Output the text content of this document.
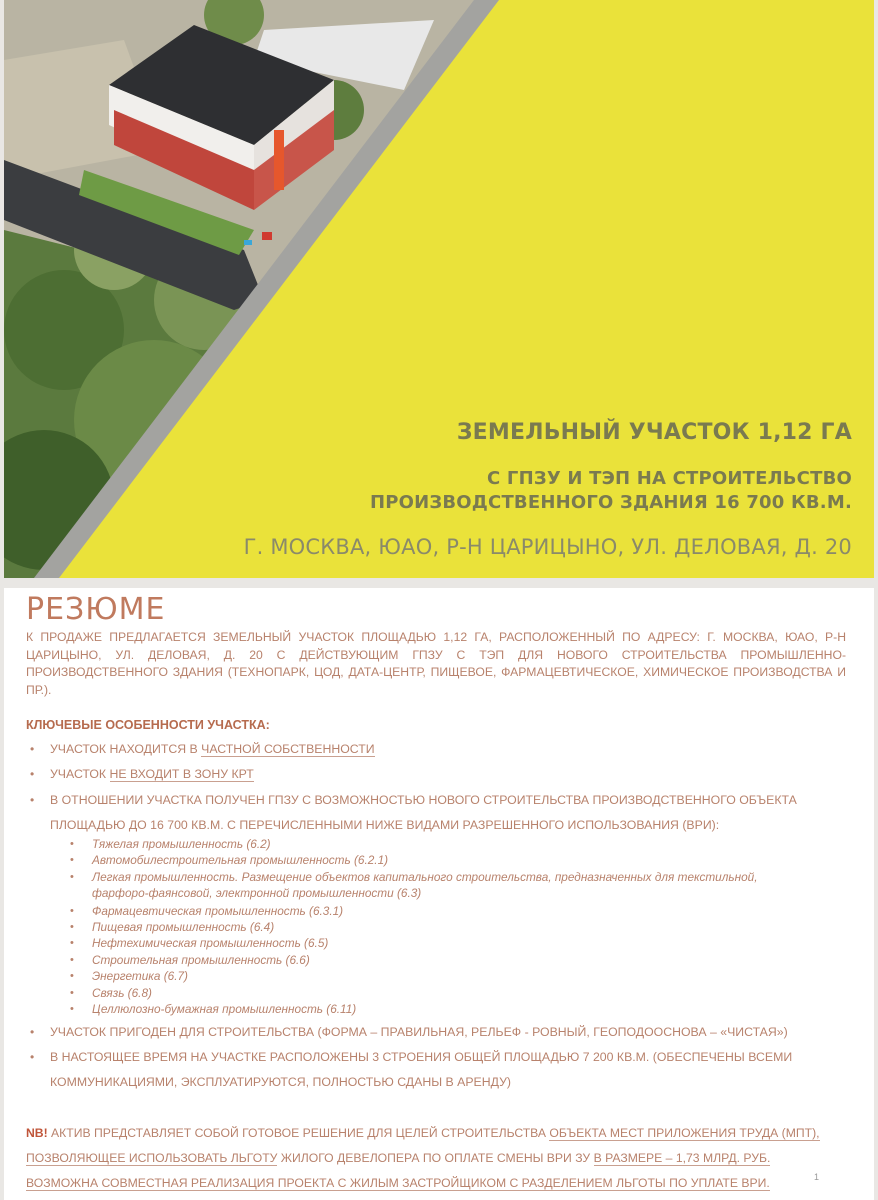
ЗЕМЕЛЬНЫЙ УЧАСТОК 1,12 ГА
С ГПЗУ И ТЭП НА СТРОИТЕЛЬСТВО
ПРОИЗВОДСТВЕННОГО ЗДАНИЯ 16 700 КВ.М.
Г. МОСКВА, ЮАО, Р-Н ЦАРИЦЫНО, УЛ. ДЕЛОВАЯ, Д. 20
РЕЗЮМЕ
К ПРОДАЖЕ ПРЕДЛАГАЕТСЯ ЗЕМЕЛЬНЫЙ УЧАСТОК ПЛОЩАДЬЮ 1,12 ГА, РАСПОЛОЖЕННЫЙ ПО АДРЕСУ: Г. МОСКВА, ЮАО, Р-Н ЦАРИЦЫНО, УЛ. ДЕЛОВАЯ, Д. 20 С ДЕЙСТВУЮЩИМ ГПЗУ С ТЭП ДЛЯ НОВОГО СТРОИТЕЛЬСТВА ПРОМЫШЛЕННО-ПРОИЗВОДСТВЕННОГО ЗДАНИЯ (ТЕХНОПАРК, ЦОД, ДАТА-ЦЕНТР, ПИЩЕВОЕ, ФАРМАЦЕВТИЧЕСКОЕ, ХИМИЧЕСКОЕ ПРОИЗВОДСТВА И ПР.).
КЛЮЧЕВЫЕ ОСОБЕННОСТИ УЧАСТКА:
• УЧАСТОК НАХОДИТСЯ В ЧАСТНОЙ СОБСТВЕННОСТИ
• УЧАСТОК НЕ ВХОДИТ В ЗОНУ КРТ
• В ОТНОШЕНИИ УЧАСТКА ПОЛУЧЕН ГПЗУ С ВОЗМОЖНОСТЬЮ НОВОГО СТРОИТЕЛЬСТВА ПРОИЗВОДСТВЕННОГО ОБЪЕКТА
ПЛОЩАДЬЮ ДО 16 700 КВ.М. С ПЕРЕЧИСЛЕННЫМИ НИЖЕ ВИДАМИ РАЗРЕШЕННОГО ИСПОЛЬЗОВАНИЯ (ВРИ):
• Тяжелая промышленность (6.2)
• Автомобилестроительная промышленность (6.2.1)
• Легкая промышленность. Размещение объектов капитального строительства, предназначенных для текстильной,
фарфоро-фаянсовой, электронной промышленности (6.3)
• Фармацевтическая промышленность (6.3.1)
• Пищевая промышленность (6.4)
• Нефтехимическая промышленность (6.5)
• Строительная промышленность (6.6)
• Энергетика (6.7)
• Связь (6.8)
• Целлюлозно-бумажная промышленность (6.11)
• УЧАСТОК ПРИГОДЕН ДЛЯ СТРОИТЕЛЬСТВА (ФОРМА – ПРАВИЛЬНАЯ, РЕЛЬЕФ - РОВНЫЙ, ГЕОПОДООСНОВА – «ЧИСТАЯ»)
• В НАСТОЯЩЕЕ ВРЕМЯ НА УЧАСТКЕ РАСПОЛОЖЕНЫ 3 СТРОЕНИЯ ОБЩЕЙ ПЛОЩАДЬЮ 7 200 КВ.М. (ОБЕСПЕЧЕНЫ ВСЕМИ
КОММУНИКАЦИЯМИ, ЭКСПЛУАТИРУЮТСЯ, ПОЛНОСТЬЮ СДАНЫ В АРЕНДУ)
NB! АКТИВ ПРЕДСТАВЛЯЕТ СОБОЙ ГОТОВОЕ РЕШЕНИЕ ДЛЯ ЦЕЛЕЙ СТРОИТЕЛЬСТВА ОБЪЕКТА МЕСТ ПРИЛОЖЕНИЯ ТРУДА (МПТ),
ПОЗВОЛЯЮЩЕЕ ИСПОЛЬЗОВАТЬ ЛЬГОТУ ЖИЛОГО ДЕВЕЛОПЕРА ПО ОПЛАТЕ СМЕНЫ ВРИ ЗУ В РАЗМЕРЕ – 1,73 МЛРД. РУБ.
ВОЗМОЖНА СОВМЕСТНАЯ РЕАЛИЗАЦИЯ ПРОЕКТА С ЖИЛЫМ ЗАСТРОЙЩИКОМ С РАЗДЕЛЕНИЕМ ЛЬГОТЫ ПО УПЛАТЕ ВРИ.	1
